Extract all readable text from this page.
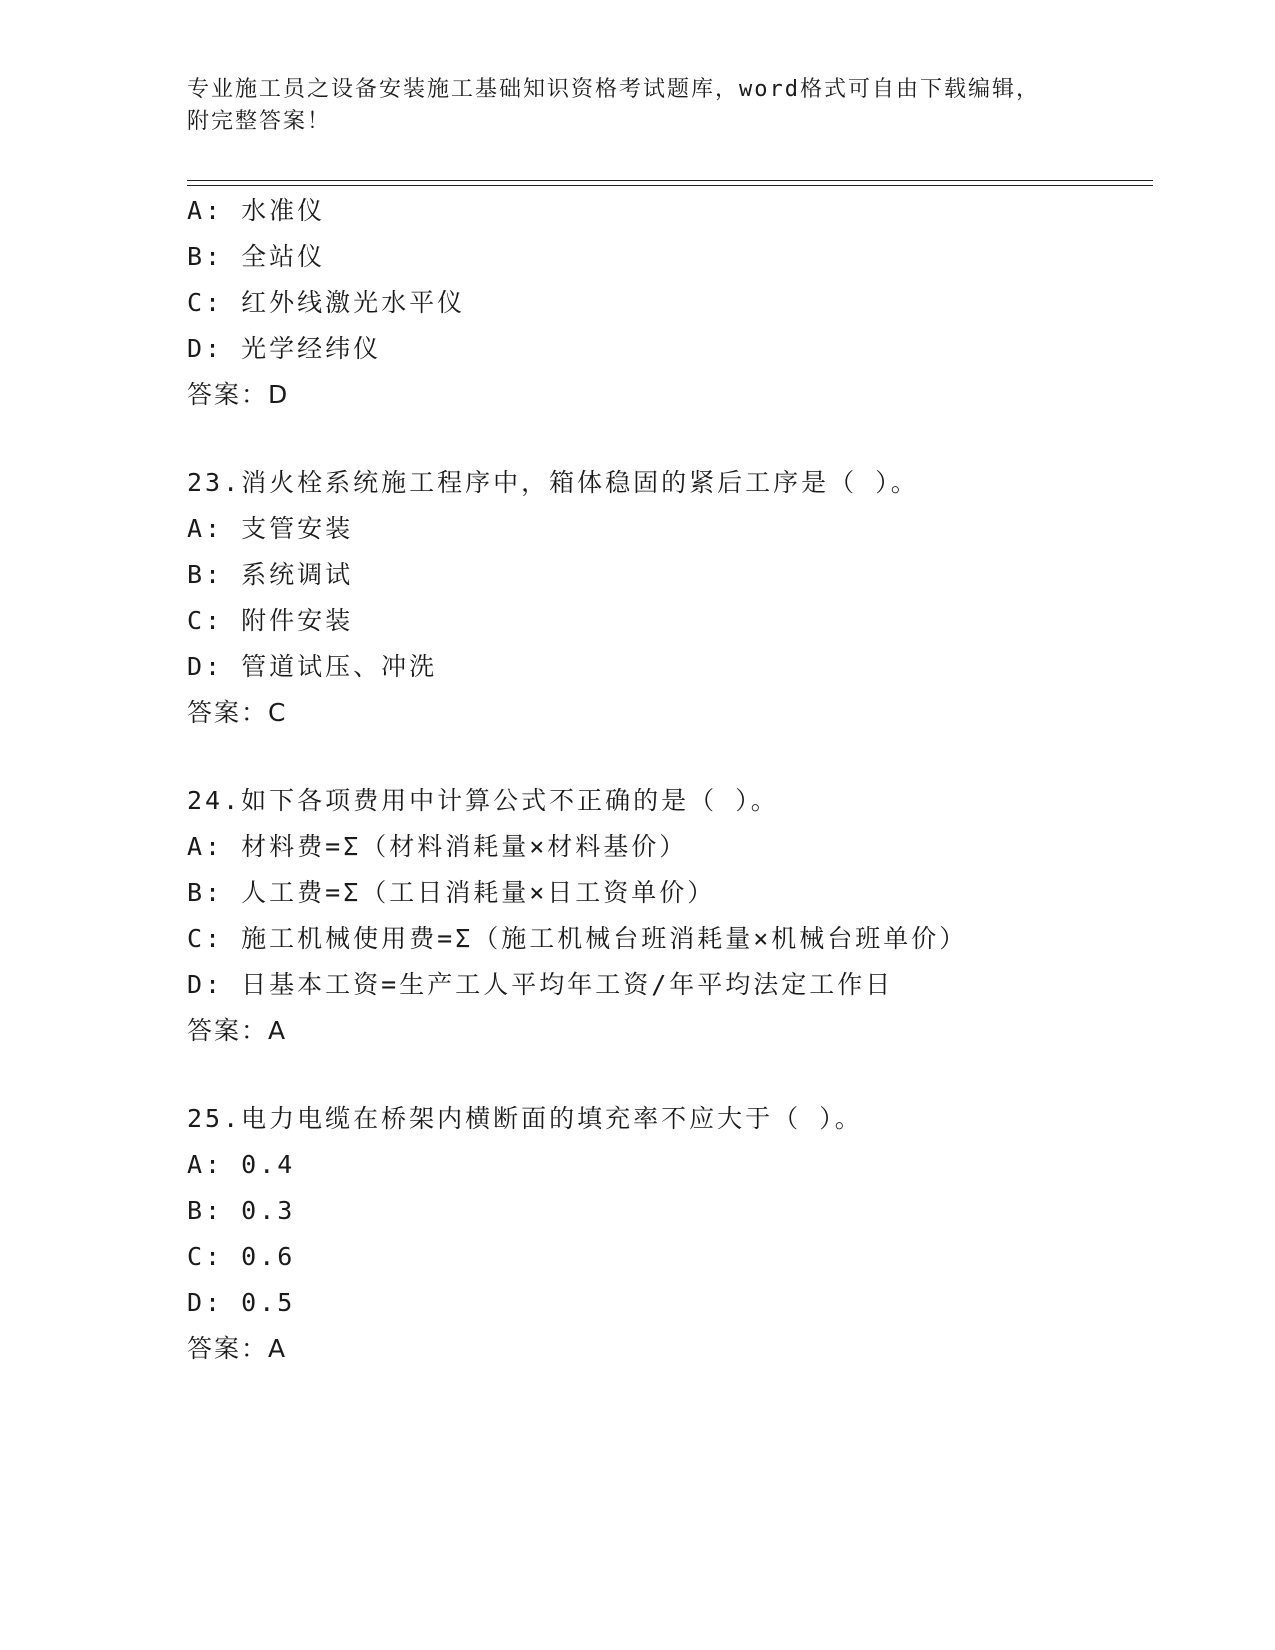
专业施工员之设备安装施工基础知识资格考试题库，word格式可自由下载编辑，
附完整答案！
A: 水准仪
B: 全站仪
C: 红外线激光水平仪
D: 光学经纬仪
答案：D
23.消火栓系统施工程序中，箱体稳固的紧后工序是（ ）。
A: 支管安装
B: 系统调试
C: 附件安装
D: 管道试压、冲洗
答案：C
24.如下各项费用中计算公式不正确的是（ ）。
A: 材料费=Σ（材料消耗量×材料基价）
B: 人工费=Σ（工日消耗量×日工资单价）
C: 施工机械使用费=Σ（施工机械台班消耗量×机械台班单价）
D: 日基本工资=生产工人平均年工资/年平均法定工作日
答案：A
25.电力电缆在桥架内横断面的填充率不应大于（ ）。
A: 0.4
B: 0.3
C: 0.6
D: 0.5
答案：A
